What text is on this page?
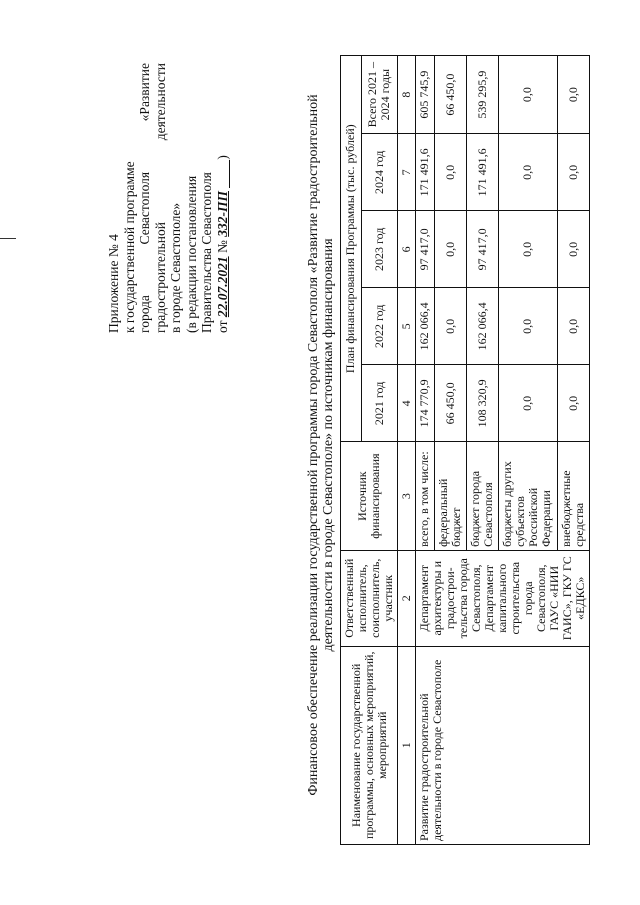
Приложение № 4 к государственной программе города
Севастополя
«Развитие
градостроительной
деятельности
в городе Севастополе» (в редакции постановления Правительства Севастополя от 22.07.2021 № 332-ПП )	Финансовое обеспечение реализации государственной программы города Севастополя «Развитие градостроительной деятельности в городе Севастополе» по источникам финансирования
Наименование государственной программы, основных мероприятий, мероприятий	Ответственный исполнитель, соисполнитель, участник	Источник финансирования	План финансирования Программы (тыс. рублей)				
			2021 год	2022 год	2023 год	2024 год	Всего 2021 – 2024 годы
1	2	3	4	5	6	7	8
Развитие градостроительной деятельности в городе Севастополе	Департамент архитектуры и градострои-тельства города Севастополя, Департамент капитального строительства города Севастополя, ГАУС «НИИ ГАИС», ГКУ ГС «ЕДКС»	всего, в том числе:	174 770,9	162 066,4	97 417,0	171 491,6	605 745,9
		федеральный бюджет	66 450,0	0,0	0,0	0,0	66 450,0
		бюджет города Севастополя	108 320,9	162 066,4	97 417,0	171 491,6	539 295,9
		бюджеты других субъектов Российской Федерации	0,0	0,0	0,0	0,0	0,0
		внебюджетные средства	0,0	0,0	0,0	0,0	0,0
